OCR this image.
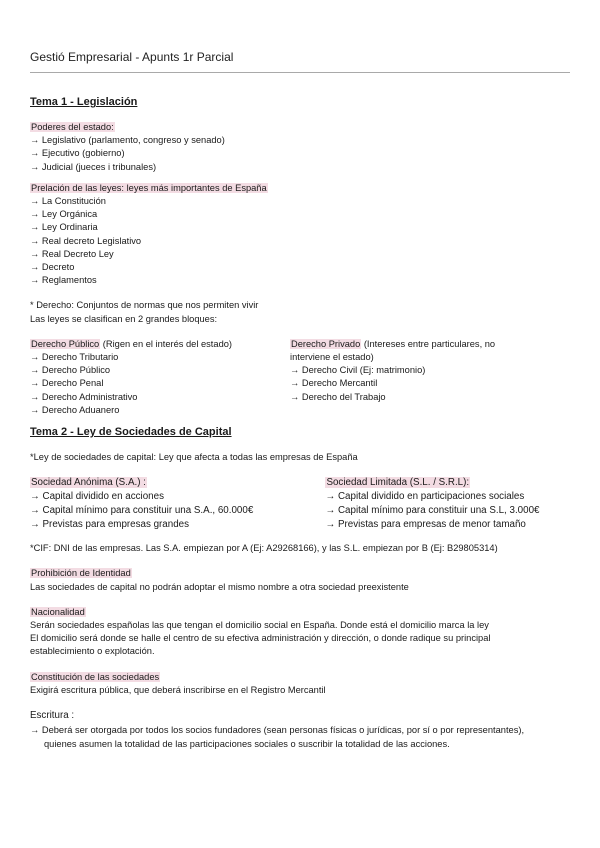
Gestió Empresarial - Apunts 1r Parcial

Tema 1 - Legislación

Poderes del estado:
→ Legislativo (parlamento, congreso y senado)
→ Ejecutivo (gobierno)
→ Judicial (jueces i tribunales)
Prelación de las leyes: leyes más importantes de España
→ La Constitución
→ Ley Orgánica
→ Ley Ordinaria
→ Real decreto Legislativo
→ Real Decreto Ley
→ Decreto
→ Reglamentos
* Derecho: Conjuntos de normas que nos permiten vivir
Las leyes se clasifican en 2 grandes bloques:
Derecho Público (Rigen en el interés del estado)
→ Derecho Tributario
→ Derecho Público
→ Derecho Penal
→ Derecho Administrativo
→ Derecho Aduanero
Derecho Privado (Intereses entre particulares, no
interviene el estado)
→ Derecho Civil (Ej: matrimonio)
→ Derecho Mercantil
→ Derecho del Trabajo

Tema 2 - Ley de Sociedades de Capital

*Ley de sociedades de capital: Ley que afecta a todas las empresas de España
Sociedad Anónima (S.A.) :
→ Capital dividido en acciones
→ Capital mínimo para constituir una S.A., 60.000€
→ Previstas para empresas grandes
Sociedad Limitada (S.L. / S.R.L):
→ Capital dividido en participaciones sociales
→ Capital mínimo para constituir una S.L, 3.000€
→ Previstas para empresas de menor tamaño
*CIF: DNI de las empresas. Las S.A. empiezan por A (Ej: A29268166), y las S.L. empiezan por B (Ej: B29805314)
Prohibición de Identidad
Las sociedades de capital no podrán adoptar el mismo nombre a otra sociedad preexistente
Nacionalidad
Serán sociedades españolas las que tengan el domicilio social en España. Donde está el domicilio marca la ley
El domicilio será donde se halle el centro de su efectiva administración y dirección, o donde radique su principal
establecimiento o explotación.
Constitución de las sociedades
Exigirá escritura pública, que deberá inscribirse en el Registro Mercantil
Escritura :
→ Deberá ser otorgada por todos los socios fundadores (sean personas físicas o jurídicas, por sí o por representantes),
quienes asumen la totalidad de las participaciones sociales o suscribir la totalidad de las acciones.
